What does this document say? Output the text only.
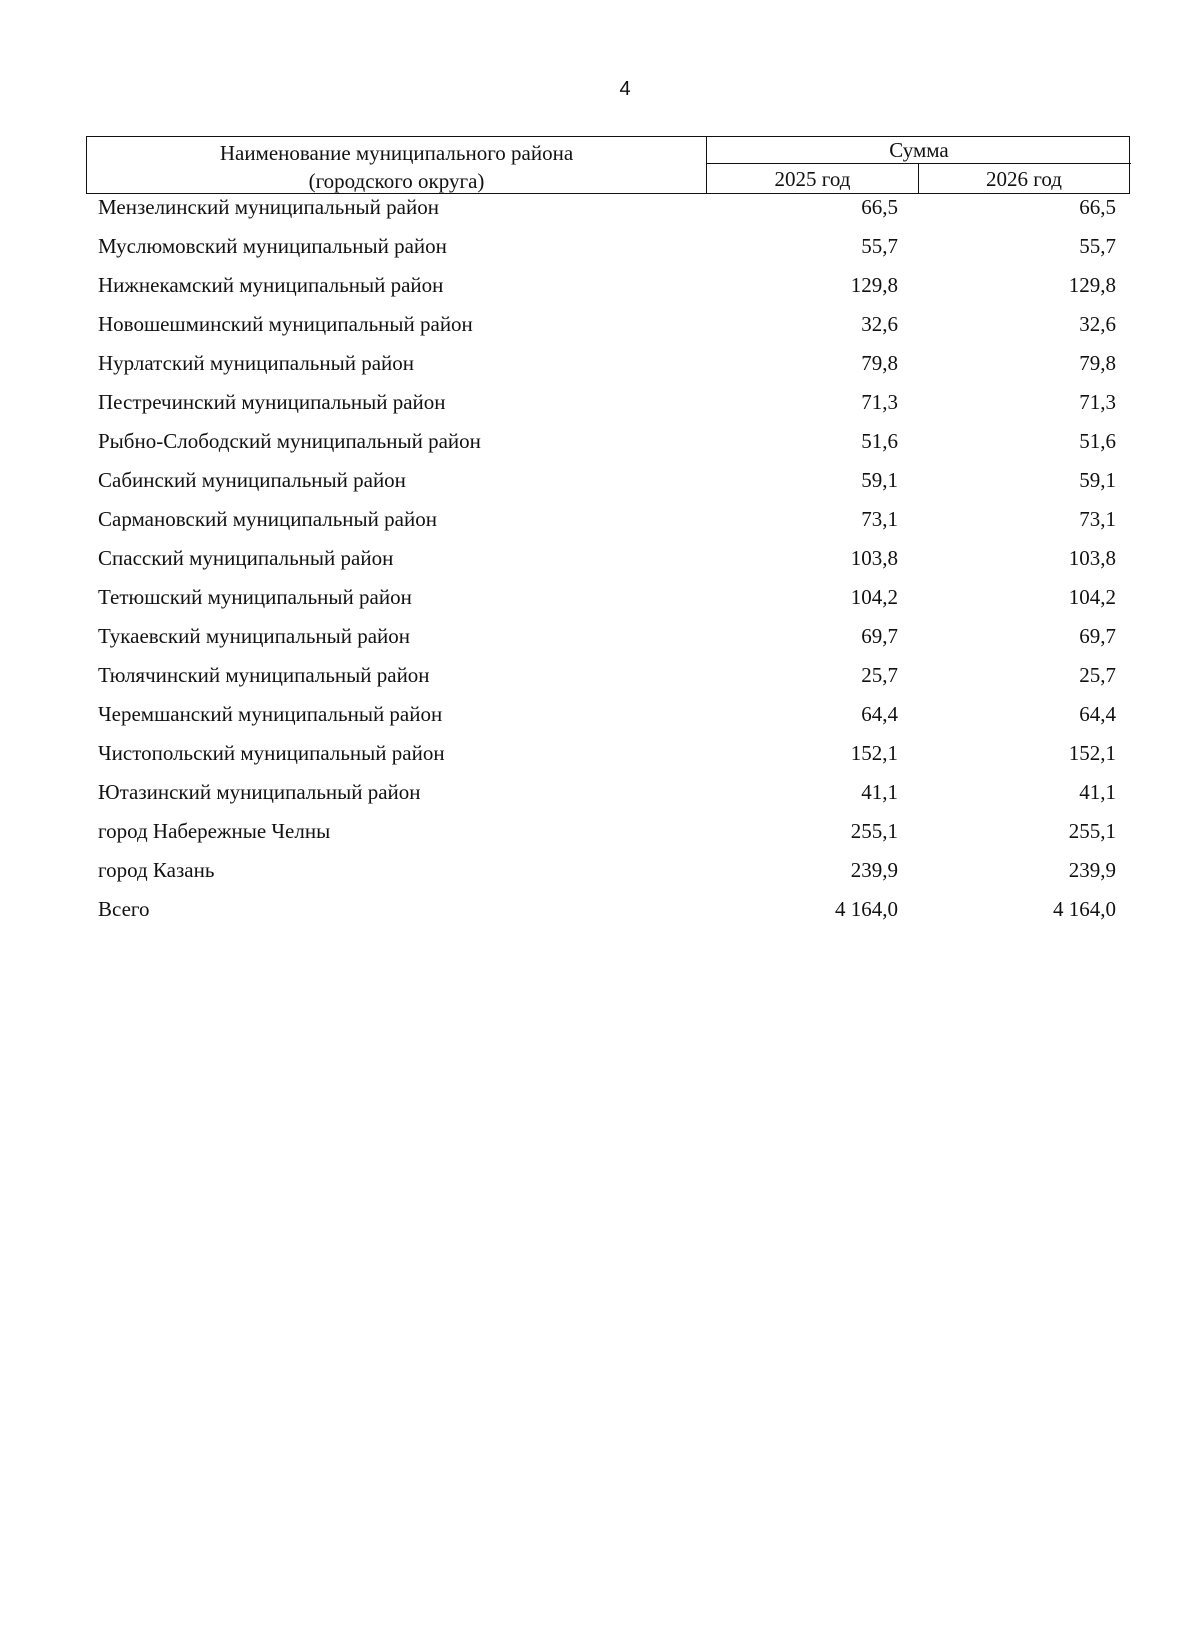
4
Наименование муниципального района
(городского округа)
Сумма
2025 год	2026 год
Мензелинский муниципальный район	66,5	66,5
Муслюмовский муниципальный район	55,7	55,7
Нижнекамский муниципальный район	129,8	129,8
Новошешминский муниципальный район	32,6	32,6
Нурлатский муниципальный район	79,8	79,8
Пестречинский муниципальный район	71,3	71,3
Рыбно-Слободский муниципальный район	51,6	51,6
Сабинский муниципальный район	59,1	59,1
Сармановский муниципальный район	73,1	73,1
Спасский муниципальный район	103,8	103,8
Тетюшский муниципальный район	104,2	104,2
Тукаевский муниципальный район	69,7	69,7
Тюлячинский муниципальный район	25,7	25,7
Черемшанский муниципальный район	64,4	64,4
Чистопольский муниципальный район	152,1	152,1
Ютазинский муниципальный район	41,1	41,1
город Набережные Челны	255,1	255,1
город Казань	239,9	239,9
Всего	4 164,0	4 164,0
